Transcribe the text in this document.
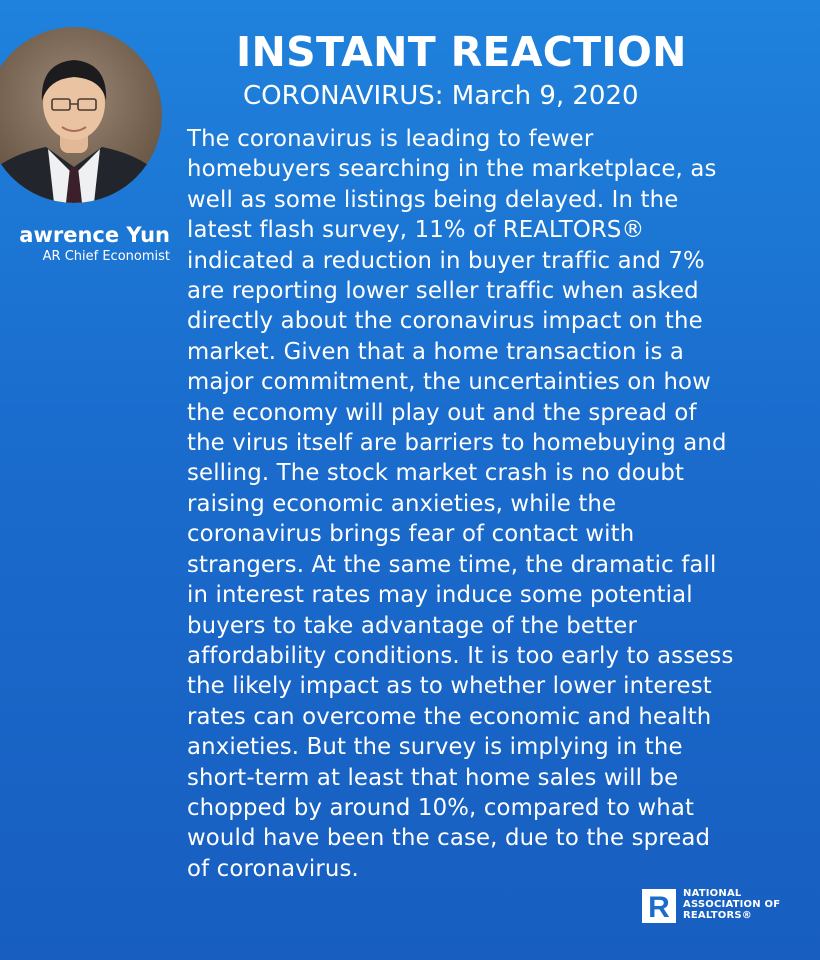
awrence Yun
AR Chief Economist
INSTANT REACTION
CORONAVIRUS: March 9, 2020
The coronavirus is leading to fewer
homebuyers searching in the marketplace, as
well as some listings being delayed. In the
latest flash survey, 11% of REALTORS®
indicated a reduction in buyer traffic and 7%
are reporting lower seller traffic when asked
directly about the coronavirus impact on the
market. Given that a home transaction is a
major commitment, the uncertainties on how
the economy will play out and the spread of
the virus itself are barriers to homebuying and
selling. The stock market crash is no doubt
raising economic anxieties, while the
coronavirus brings fear of contact with
strangers. At the same time, the dramatic fall
in interest rates may induce some potential
buyers to take advantage of the better
affordability conditions. It is too early to assess
the likely impact as to whether lower interest
rates can overcome the economic and health
anxieties. But the survey is implying in the
short-term at least that home sales will be
chopped by around 10%, compared to what
would have been the case, due to the spread
of coronavirus.
R NATIONAL
ASSOCIATION OF
REALTORS®
